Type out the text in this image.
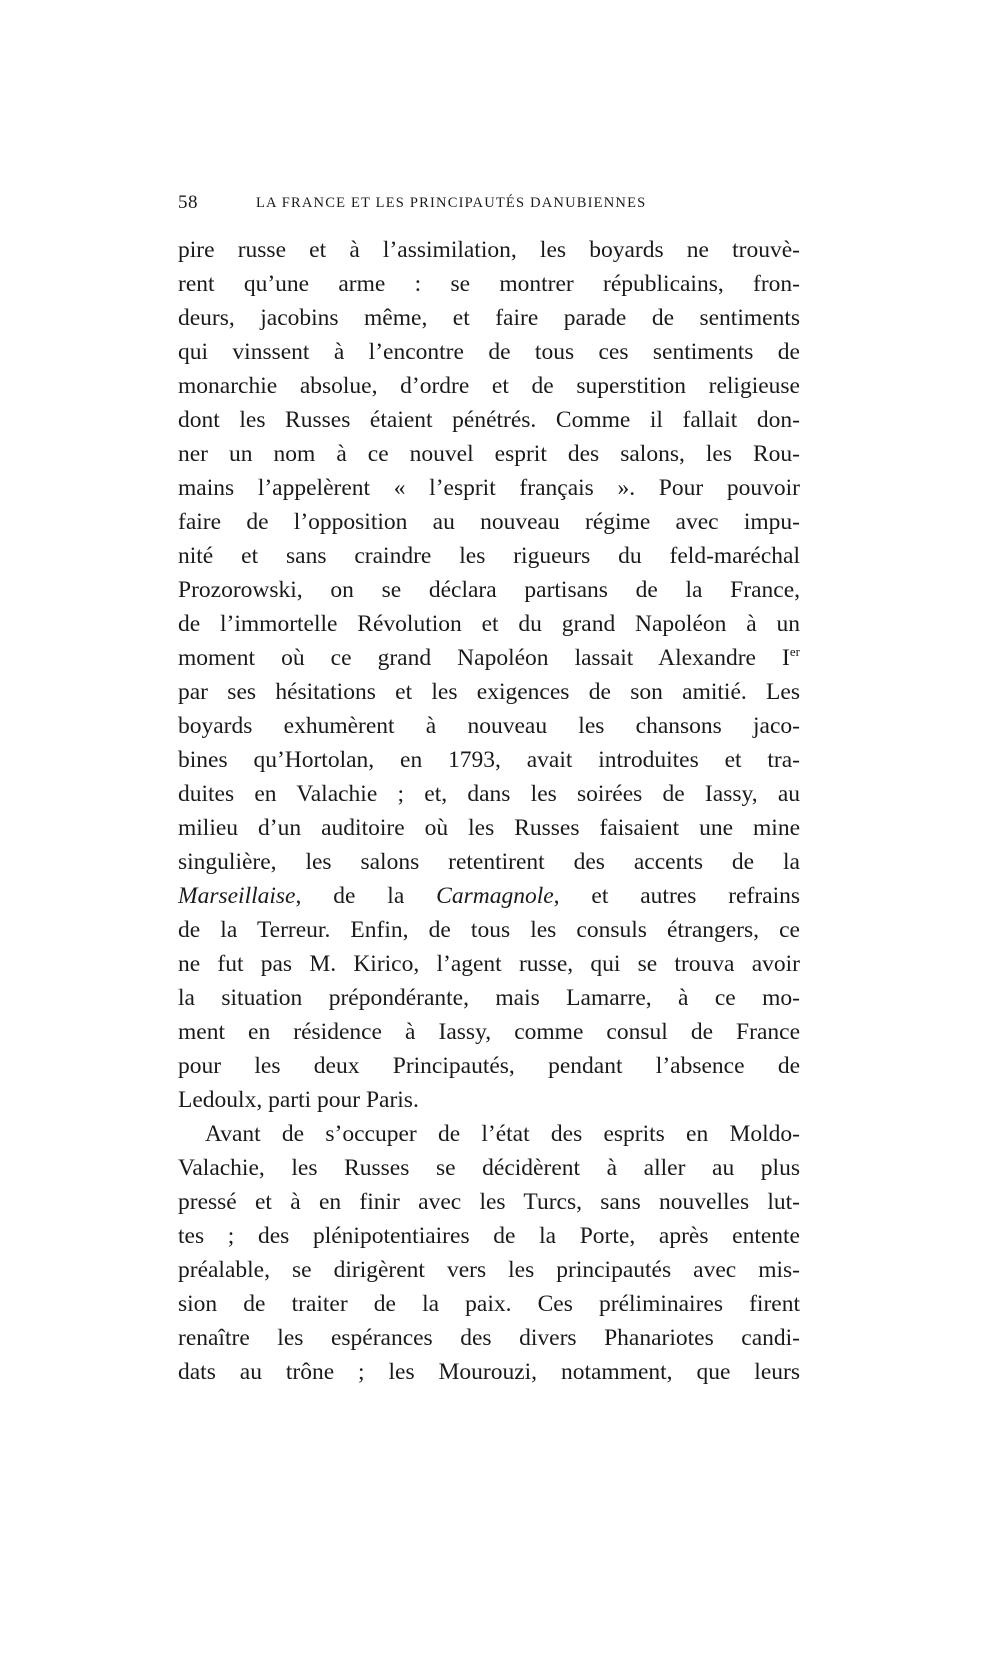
58	LA FRANCE ET LES PRINCIPAUTÉS DANUBIENNES
pire russe et à l’assimilation, les boyards ne trouvè-
rent qu’une arme : se montrer républicains, fron-
deurs, jacobins même, et faire parade de sentiments
qui vinssent à l’encontre de tous ces sentiments de
monarchie absolue, d’ordre et de superstition religieuse
dont les Russes étaient pénétrés. Comme il fallait don-
ner un nom à ce nouvel esprit des salons, les Rou-
mains l’appelèrent « l’esprit français ». Pour pouvoir
faire de l’opposition au nouveau régime avec impu-
nité et sans craindre les rigueurs du feld-maréchal
Prozorowski, on se déclara partisans de la France,
de l’immortelle Révolution et du grand Napoléon à un
moment où ce grand Napoléon lassait Alexandre Ier
par ses hésitations et les exigences de son amitié. Les
boyards exhumèrent à nouveau les chansons jaco-
bines qu’Hortolan, en 1793, avait introduites et tra-
duites en Valachie ; et, dans les soirées de Iassy, au
milieu d’un auditoire où les Russes faisaient une mine
singulière, les salons retentirent des accents de la
Marseillaise, de la Carmagnole, et autres refrains
de la Terreur. Enfin, de tous les consuls étrangers, ce
ne fut pas M. Kirico, l’agent russe, qui se trouva avoir
la situation prépondérante, mais Lamarre, à ce mo-
ment en résidence à Iassy, comme consul de France
pour les deux Principautés, pendant l’absence de
Ledoulx, parti pour Paris.
Avant de s’occuper de l’état des esprits en Moldo-
Valachie, les Russes se décidèrent à aller au plus
pressé et à en finir avec les Turcs, sans nouvelles lut-
tes ; des plénipotentiaires de la Porte, après entente
préalable, se dirigèrent vers les principautés avec mis-
sion de traiter de la paix. Ces préliminaires firent
renaître les espérances des divers Phanariotes candi-
dats au trône ; les Mourouzi, notamment, que leurs
